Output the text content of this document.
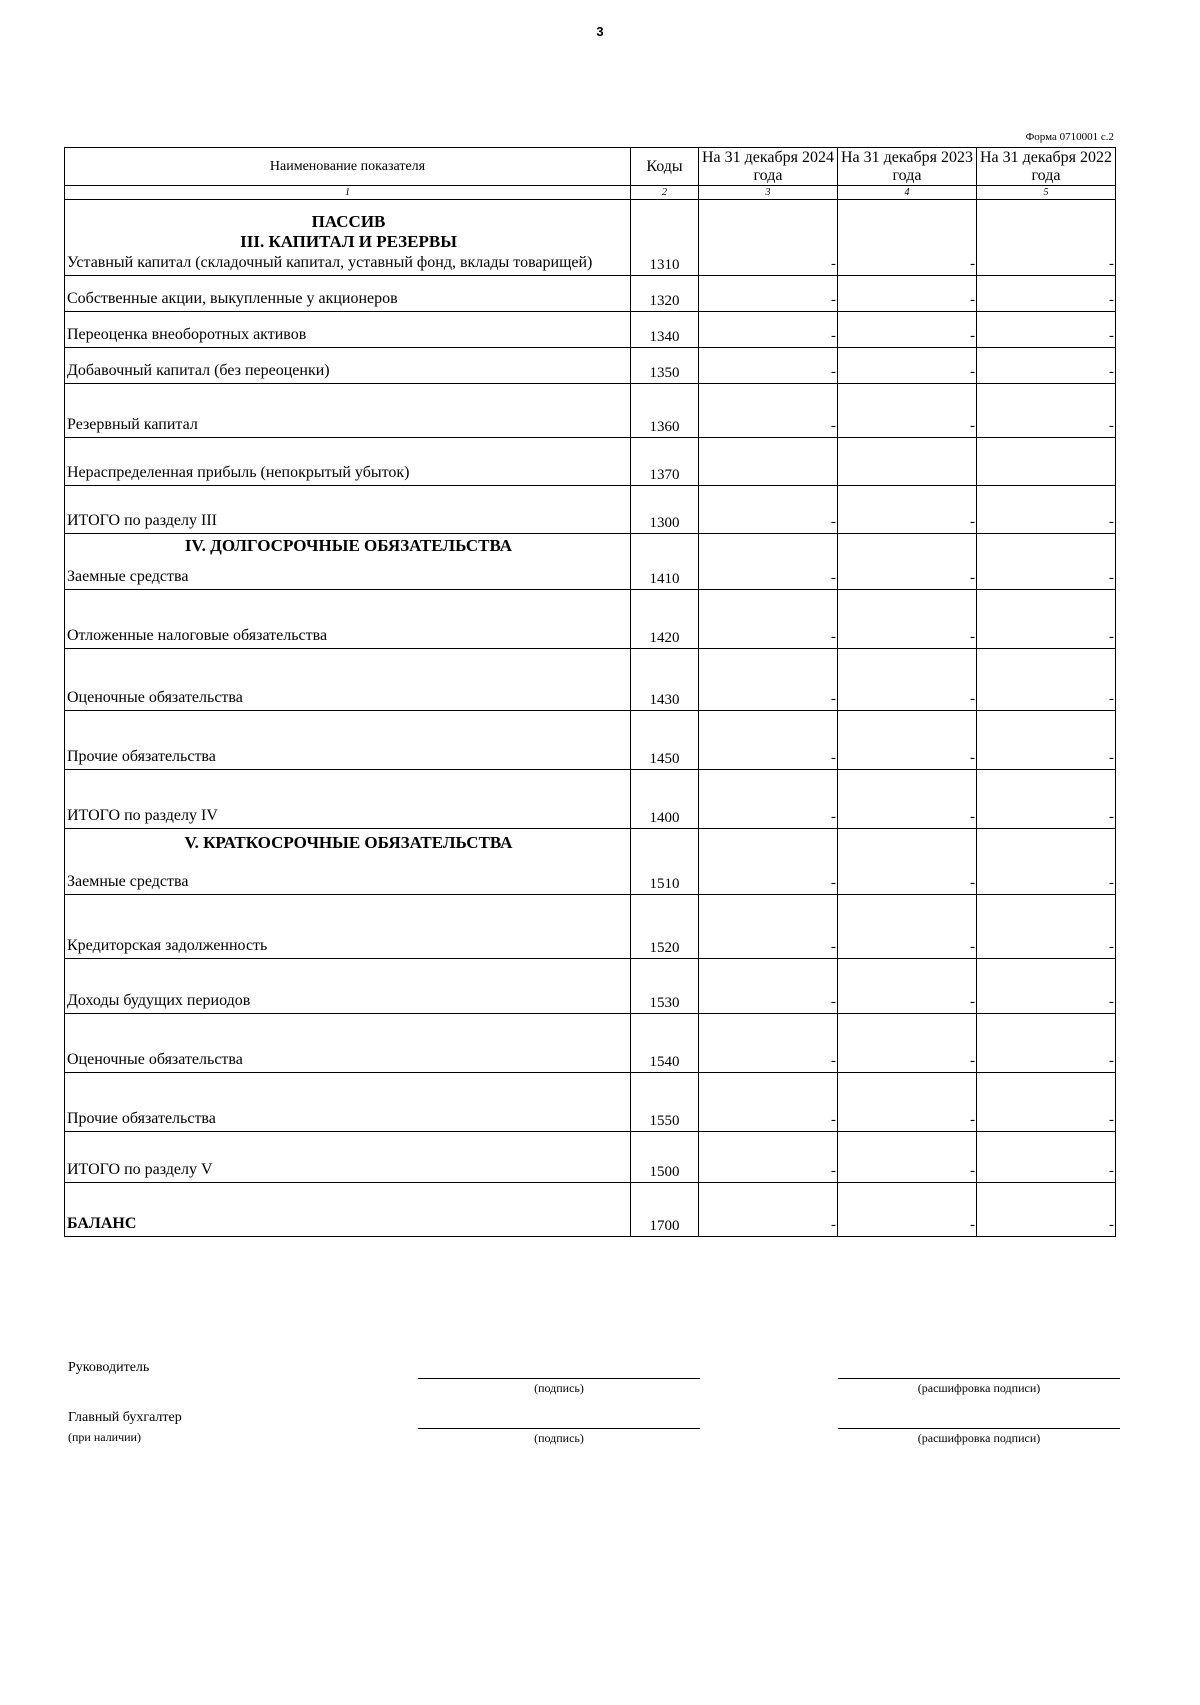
3
Форма 0710001 с.2
Наименование показателя	Коды	На 31 декабря 2024 года	На 31 декабря 2023 года	На 31 декабря 2022 года
1	2	3	4	5

ПАССИВ
III. КАПИТАЛ И РЕЗЕРВЫ
Уставный капитал (складочный капитал, уставный фонд, вклады товарищей)	1310	-	-	-
Собственные акции, выкупленные у акционеров	1320	-	-	-
Переоценка внеоборотных активов	1340	-	-	-
Добавочный капитал (без переоценки)	1350	-	-	-
Резервный капитал	1360	-	-	-
Нераспределенная прибыль (непокрытый убыток)	1370			
ИТОГО по разделу III	1300	-	-	-

IV. ДОЛГОСРОЧНЫЕ ОБЯЗАТЕЛЬСТВА
Заемные средства	1410	-	-	-
Отложенные налоговые обязательства	1420	-	-	-
Оценочные обязательства	1430	-	-	-
Прочие обязательства	1450	-	-	-
ИТОГО по разделу IV	1400	-	-	-

V. КРАТКОСРОЧНЫЕ ОБЯЗАТЕЛЬСТВА
Заемные средства	1510	-	-	-
Кредиторская задолженность	1520	-	-	-
Доходы будущих периодов	1530	-	-	-
Оценочные обязательства	1540	-	-	-
Прочие обязательства	1550	-	-	-
ИТОГО по разделу V	1500	-	-	-
БАЛАНС	1700	-	-	-
Руководитель
(подпись)	(расшифровка подписи)
Главный бухгалтер
(при наличии)	(подпись)	(расшифровка подписи)
